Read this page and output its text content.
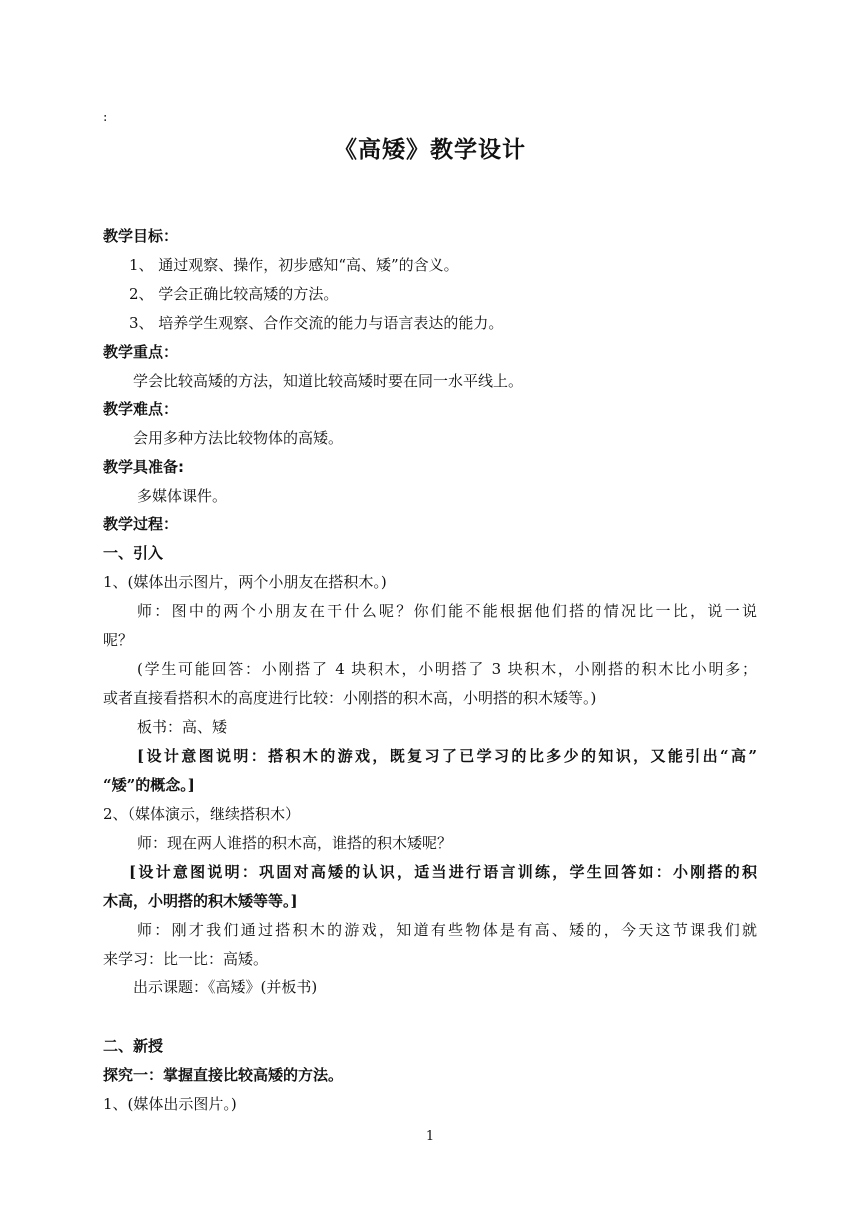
:
《高矮》教学设计
教学目标：
1、 通过观察、操作，初步感知“高、矮”的含义。
2、 学会正确比较高矮的方法。
3、 培养学生观察、合作交流的能力与语言表达的能力。
教学重点：
学会比较高矮的方法，知道比较高矮时要在同一水平线上。
教学难点：
会用多种方法比较物体的高矮。
教学具准备:
多媒体课件。
教学过程：
一、引入
1、(媒体出示图片，两个小朋友在搭积木。)
师：图中的两个小朋友在干什么呢？你们能不能根据他们搭的情况比一比，说一说
呢？
(学生可能回答：小刚搭了 4 块积木，小明搭了 3 块积木，小刚搭的积木比小明多；
或者直接看搭积木的高度进行比较：小刚搭的积木高，小明搭的积木矮等。)
板书：高、矮
[设计意图说明：搭积木的游戏，既复习了已学习的比多少的知识，又能引出“高”
“矮”的概念。]
2、（媒体演示，继续搭积木）
师：现在两人谁搭的积木高，谁搭的积木矮呢？
[设计意图说明：巩固对高矮的认识，适当进行语言训练，学生回答如：小刚搭的积
木高，小明搭的积木矮等等。]
师：刚才我们通过搭积木的游戏，知道有些物体是有高、矮的，今天这节课我们就
来学习：比一比：高矮。
出示课题：《高矮》(并板书)
二、新授
探究一：掌握直接比较高矮的方法。
1、(媒体出示图片。)
1
